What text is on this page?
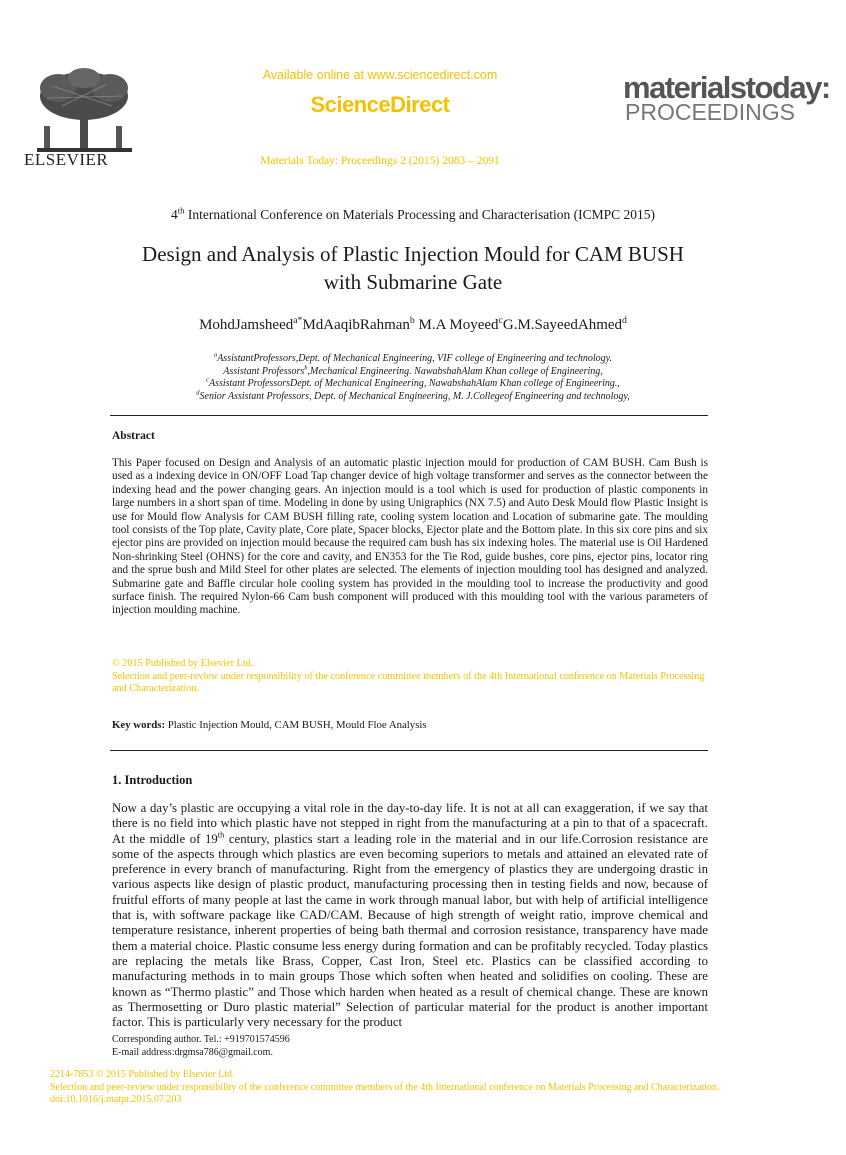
ELSEVIER
Available online at www.sciencedirect.com
ScienceDirect
Materials Today: Proceedings 2 (2015) 2083 – 2091
materialstoday:
PROCEEDINGS
4th International Conference on Materials Processing and Characterisation (ICMPC 2015)
Design and Analysis of Plastic Injection Mould for CAM BUSH
with Submarine Gate
MohdJamsheed$^{a*}$MdAaqibRahman$^b$ M.A Moyeed$^c$G.M.SayeedAhmed$^d$
$^a$AssistantProfessors,Dept. of Mechanical Engineering, VIF college of Engineering and technology.
Assistant Professors$^b$,Mechanical Engineering. NawabshahAlam Khan college of Engineering,
$^c$Assistant ProfessorsDept. of Mechanical Engineering, NawabshahAlam Khan college of Engineering.,
$^d$Senior Assistant Professors, Dept. of Mechanical Engineering, M. J.Collegeof Engineering and technology,
Abstract
This Paper focused on Design and Analysis of an automatic plastic injection mould for production of CAM BUSH. Cam Bush is used as a indexing device in ON/OFF Load Tap changer device of high voltage transformer and serves as the connector between the indexing head and the power changing gears. An injection mould is a tool which is used for production of plastic components in large numbers in a short span of time. Modeling in done by using Unigraphics (NX 7.5) and Auto Desk Mould flow Plastic Insight is use for Mould flow Analysis for CAM BUSH filling rate, cooling system location and Location of submarine gate. The moulding tool consists of the Top plate, Cavity plate, Core plate, Spacer blocks, Ejector plate and the Bottom plate. In this six core pins and six ejector pins are provided on injection mould because the required cam bush has six indexing holes. The material use is Oil Hardened Non-shrinking Steel (OHNS) for the core and cavity, and EN353 for the Tie Rod, guide bushes, core pins, ejector pins, locator ring and the sprue bush and Mild Steel for other plates are selected. The elements of injection moulding tool has designed and analyzed. Submarine gate and Baffle circular hole cooling system has provided in the moulding tool to increase the productivity and good surface finish. The required Nylon-66 Cam bush component will produced with this moulding tool with the various parameters of injection moulding machine.
© 2015 Published by Elsevier Ltd.
Selection and peer-review under responsibility of the conference committee members of the 4th International conference on Materials Processing and Characterization.
Key words: Plastic Injection Mould, CAM BUSH, Mould Floe Analysis
1. Introduction
Now a day’s plastic are occupying a vital role in the day-to-day life. It is not at all can exaggeration, if we say that there is no field into which plastic have not stepped in right from the manufacturing at a pin to that of a spacecraft. At the middle of 19th century, plastics start a leading role in the material and in our life.Corrosion resistance are some of the aspects through which plastics are even becoming superiors to metals and attained an elevated rate of preference in every branch of manufacturing. Right from the emergency of plastics they are undergoing drastic in various aspects like design of plastic product, manufacturing processing then in testing fields and now, because of fruitful efforts of many people at last the came in work through manual labor, but with help of artificial intelligence that is, with software package like CAD/CAM. Because of high strength of weight ratio, improve chemical and temperature resistance, inherent properties of being bath thermal and corrosion resistance, transparency have made them a material choice. Plastic consume less energy during formation and can be profitably recycled. Today plastics are replacing the metals like Brass, Copper, Cast Iron, Steel etc. Plastics can be classified according to manufacturing methods in to main groups Those which soften when heated and solidifies on cooling. These are known as “Thermo plastic” and Those which harden when heated as a result of chemical change. These are known as Thermosetting or Duro plastic material” Selection of particular material for the product is another important factor. This is particularly very necessary for the product
Corresponding author. Tel.: +919701574596
E-mail address:drgmsa786@gmail.com.
2214-7853 © 2015 Published by Elsevier Ltd.
Selection and peer-review under responsibility of the conference committee members of the 4th International conference on Materials Processing and Characterization.
doi:10.1016/j.matpr.2015.07.203
